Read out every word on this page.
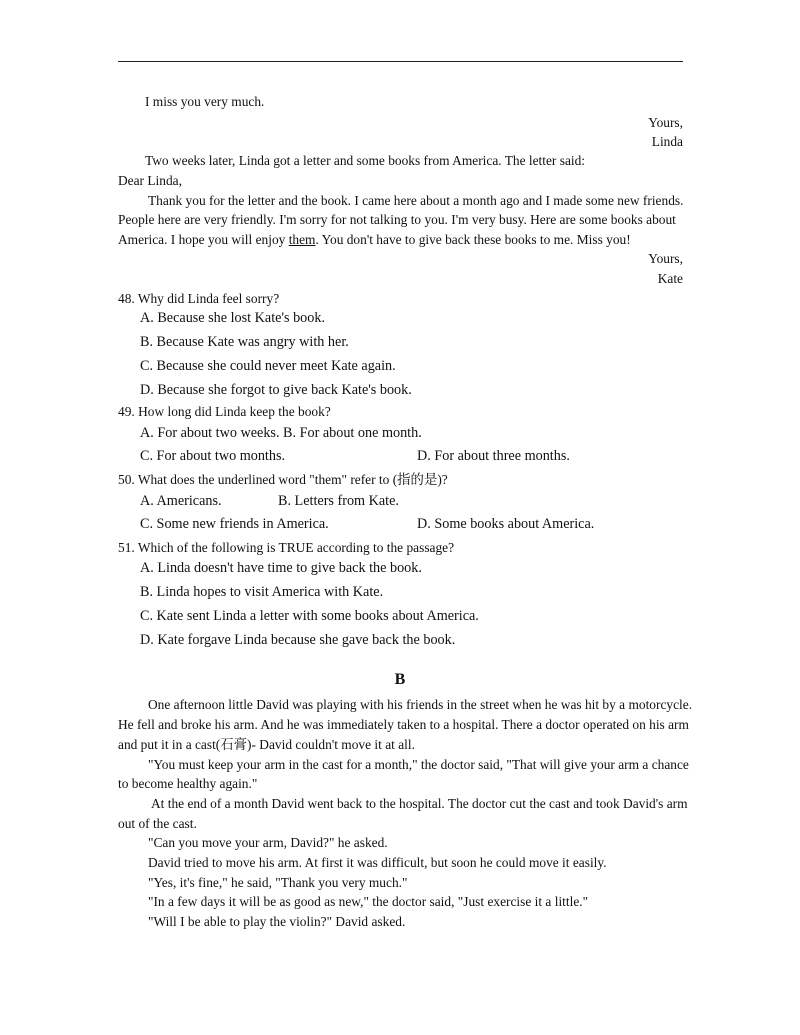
I miss you very much.
Yours,
Linda
Two weeks later, Linda got a letter and some books from America. The letter said:
Dear Linda,
Thank you for the letter and the book. I came here about a month ago and I made some new friends.
People here are very friendly. I'm sorry for not talking to you. I'm very busy. Here are some books about
America. I hope you will enjoy them. You don't have to give back these books to me. Miss you!
Yours,
Kate
48. Why did Linda feel sorry?
A. Because she lost Kate's book.
B. Because Kate was angry with her.
C. Because she could never meet Kate again.
D. Because she forgot to give back Kate's book.
49. How long did Linda keep the book?
A. For about two weeks. B. For about one month.
C. For about two months.	D. For about three months.
50. What does the underlined word "them" refer to (指的是)?
A. Americans.	B. Letters from Kate.
C. Some new friends in America.	D. Some books about America.
51. Which of the following is TRUE according to the passage?
A. Linda doesn't have time to give back the book.
B. Linda hopes to visit America with Kate.
C. Kate sent Linda a letter with some books about America.
D. Kate forgave Linda because she gave back the book.
B
One afternoon little David was playing with his friends in the street when he was hit by a motorcycle.
He fell and broke his arm. And he was immediately taken to a hospital. There a doctor operated on his arm
and put it in a cast(石膏)- David couldn't move it at all.
"You must keep your arm in the cast for a month," the doctor said, "That will give your arm a chance
to become healthy again."
At the end of a month David went back to the hospital. The doctor cut the cast and took David's arm
out of the cast.
"Can you move your arm, David?" he asked.
David tried to move his arm. At first it was difficult, but soon he could move it easily.
"Yes, it's fine," he said, "Thank you very much."
"In a few days it will be as good as new," the doctor said, "Just exercise it a little."
"Will I be able to play the violin?" David asked.
